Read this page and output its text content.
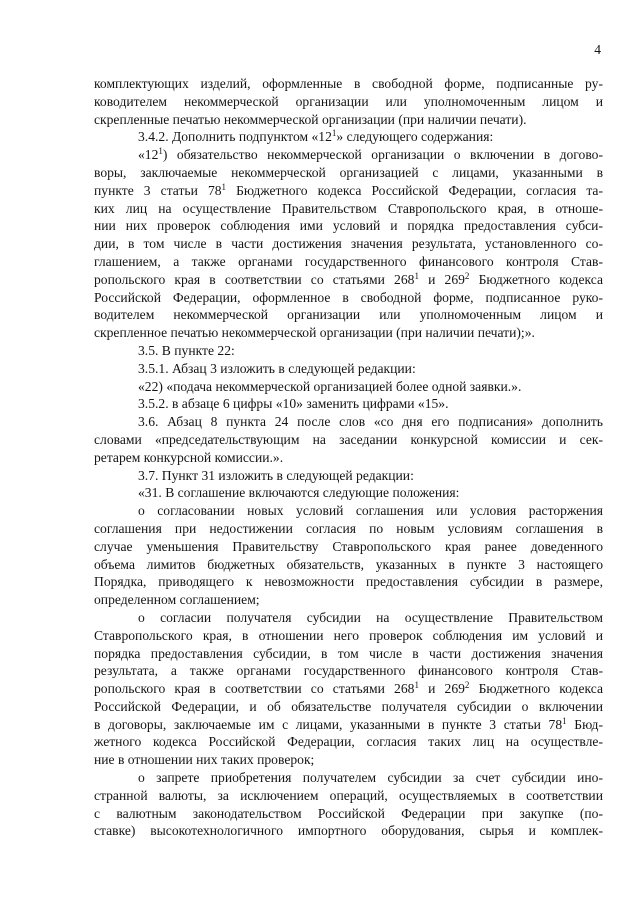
4
комплектующих изделий, оформленные в свободной форме, подписанные ру-
ководителем некоммерческой организации или уполномоченным лицом и
скрепленные печатью некоммерческой организации (при наличии печати).
3.4.2. Дополнить подпунктом «$12^1$» следующего содержания:
«$12^1$) обязательство некоммерческой организации о включении в догово-
воры, заключаемые некоммерческой организацией с лицами, указанными в
пункте 3 статьи $78^1$ Бюджетного кодекса Российской Федерации, согласия та-
ких лиц на осуществление Правительством Ставропольского края, в отноше-
нии них проверок соблюдения ими условий и порядка предоставления субси-
дии, в том числе в части достижения значения результата, установленного со-
глашением, а также органами государственного финансового контроля Став-
ропольского края в соответствии со статьями $268^1$ и $269^2$ Бюджетного кодекса
Российской Федерации, оформленное в свободной форме, подписанное руко-
водителем некоммерческой организации или уполномоченным лицом и
скрепленное печатью некоммерческой организации (при наличии печати);».
3.5. В пункте 22:
3.5.1. Абзац 3 изложить в следующей редакции:
«22) «подача некоммерческой организацией более одной заявки.».
3.5.2. в абзаце 6 цифры «10» заменить цифрами «15».
3.6. Абзац 8 пункта 24 после слов «со дня его подписания» дополнить
словами «председательствующим на заседании конкурсной комиссии и сек-
ретарем конкурсной комиссии.».
3.7. Пункт 31 изложить в следующей редакции:
«31. В соглашение включаются следующие положения:
о согласовании новых условий соглашения или условия расторжения
соглашения при недостижении согласия по новым условиям соглашения в
случае уменьшения Правительству Ставропольского края ранее доведенного
объема лимитов бюджетных обязательств, указанных в пункте 3 настоящего
Порядка, приводящего к невозможности предоставления субсидии в размере,
определенном соглашением;
о согласии получателя субсидии на осуществление Правительством
Ставропольского края, в отношении него проверок соблюдения им условий и
порядка предоставления субсидии, в том числе в части достижения значения
результата, а также органами государственного финансового контроля Став-
ропольского края в соответствии со статьями $268^1$ и $269^2$ Бюджетного кодекса
Российской Федерации, и об обязательстве получателя субсидии о включении
в договоры, заключаемые им с лицами, указанными в пункте 3 статьи $78^1$ Бюд-
жетного кодекса Российской Федерации, согласия таких лиц на осуществле-
ние в отношении них таких проверок;
о запрете приобретения получателем субсидии за счет субсидии ино-
странной валюты, за исключением операций, осуществляемых в соответствии
с валютным законодательством Российской Федерации при закупке (по-
ставке) высокотехнологичного импортного оборудования, сырья и комплек-
